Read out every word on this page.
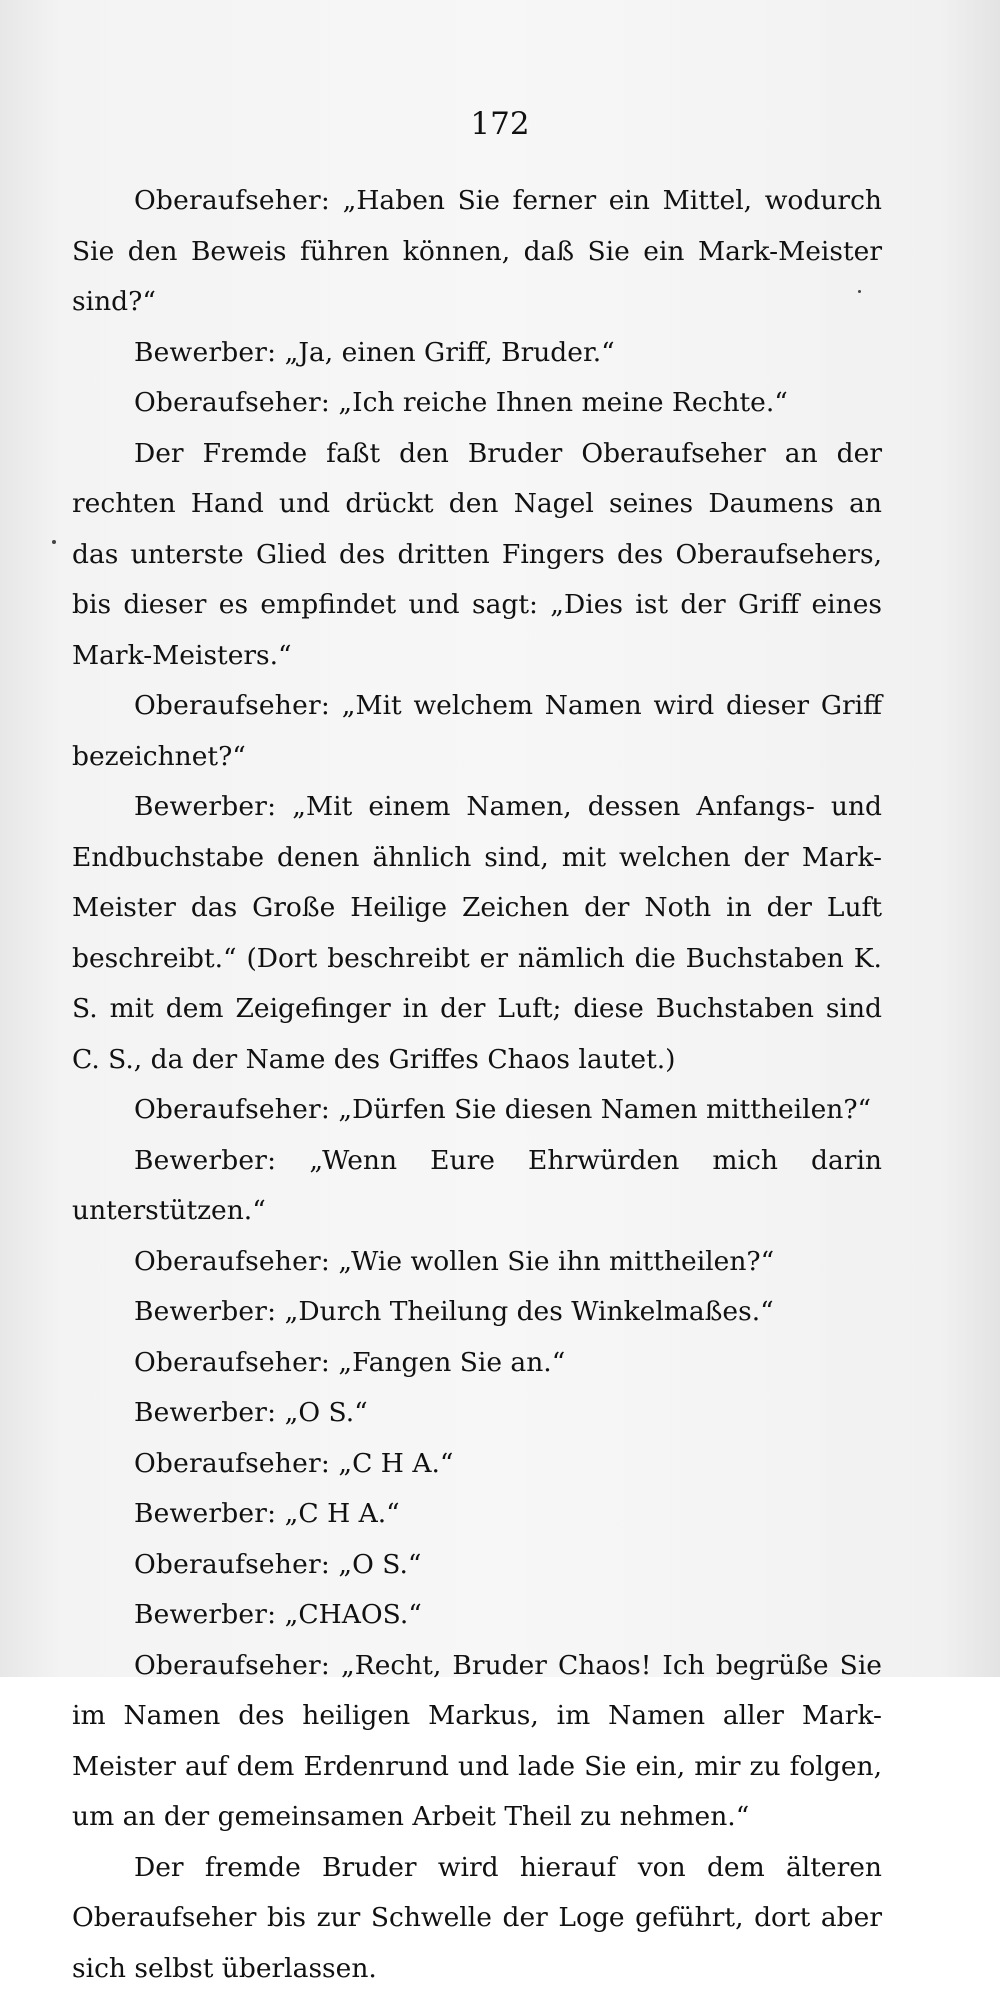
172

Oberaufseher: „Haben Sie ferner ein Mittel, wodurch Sie den Beweis führen können, daß Sie ein Mark-Meister sind?“

Bewerber: „Ja, einen Griff, Bruder.“

Oberaufseher: „Ich reiche Ihnen meine Rechte.“

Der Fremde faßt den Bruder Oberaufseher an der rechten Hand und drückt den Nagel seines Daumens an das unterste Glied des dritten Fingers des Oberaufsehers, bis dieser es empfindet und sagt: „Dies ist der Griff eines Mark-Meisters.“

Oberaufseher: „Mit welchem Namen wird dieser Griff bezeichnet?“

Bewerber: „Mit einem Namen, dessen Anfangs- und Endbuchstabe denen ähnlich sind, mit welchen der Mark-Meister das Große Heilige Zeichen der Noth in der Luft beschreibt.“ (Dort beschreibt er nämlich die Buchstaben K. S. mit dem Zeigefinger in der Luft; diese Buchstaben sind C. S., da der Name des Griffes Chaos lautet.)

Oberaufseher: „Dürfen Sie diesen Namen mittheilen?“

Bewerber: „Wenn Eure Ehrwürden mich darin unterstützen.“

Oberaufseher: „Wie wollen Sie ihn mittheilen?“

Bewerber: „Durch Theilung des Winkelmaßes.“

Oberaufseher: „Fangen Sie an.“

Bewerber: „O S.“

Oberaufseher: „C H A.“

Bewerber: „C H A.“

Oberaufseher: „O S.“

Bewerber: „CHAOS.“

Oberaufseher: „Recht, Bruder Chaos! Ich begrüße Sie im Namen des heiligen Markus, im Namen aller Mark-Meister auf dem Erdenrund und lade Sie ein, mir zu folgen, um an der gemeinsamen Arbeit Theil zu nehmen.“

Der fremde Bruder wird hierauf von dem älteren Oberaufseher bis zur Schwelle der Loge geführt, dort aber sich selbst überlassen.
